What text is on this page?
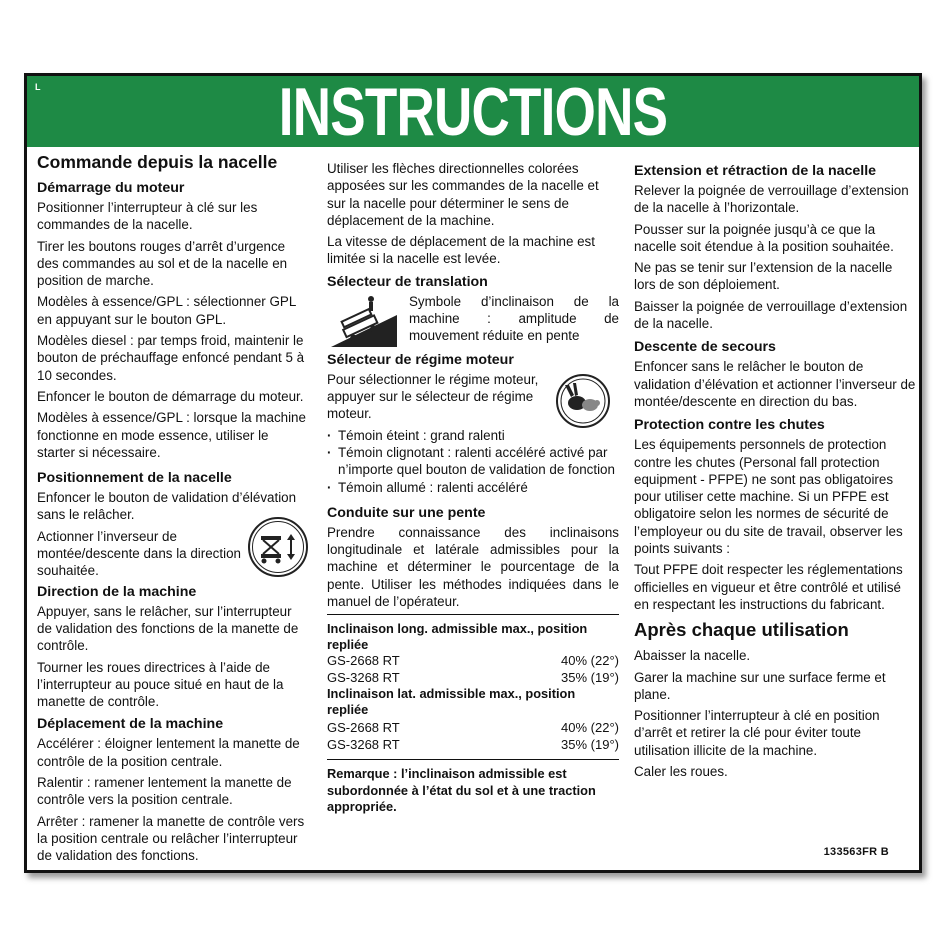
L	INSTRUCTIONS
Commande depuis la nacelle
Démarrage du moteur

Positionner l’interrupteur à clé sur les commandes de la nacelle.

Tirer les boutons rouges d’arrêt d’urgence des commandes au sol et de la nacelle en position de marche.

Modèles à essence/GPL : sélectionner GPL en appuyant sur le bouton GPL.

Modèles diesel : par temps froid, maintenir le bouton de préchauffage enfoncé pendant 5 à 10 secondes.

Enfoncer le bouton de démarrage du moteur.

Modèles à essence/GPL : lorsque la machine fonctionne en mode essence, utiliser le starter si nécessaire.

Positionnement de la nacelle

Enfoncer le bouton de validation d’élévation sans le relâcher.

Actionner l’inverseur de montée/descente dans la direction souhaitée.

Direction de la machine

Appuyer, sans le relâcher, sur l’interrupteur de validation des fonctions de la manette de contrôle.

Tourner les roues directrices à l’aide de l’interrupteur au pouce situé en haut de la manette de contrôle.

Déplacement de la machine

Accélérer : éloigner lentement la manette de contrôle de la position centrale.

Ralentir : ramener lentement la manette de contrôle vers la position centrale.

Arrêter : ramener la manette de contrôle vers la position centrale ou relâcher l’interrupteur de validation des fonctions.

Utiliser les flèches directionnelles colorées apposées sur les commandes de la nacelle et sur la nacelle pour déterminer le sens de déplacement de la machine.

La vitesse de déplacement de la machine est limitée si la nacelle est levée.

Sélecteur de translation

Symbole d’inclinaison de la machine : amplitude de mouvement réduite en pente

Sélecteur de régime moteur

Pour sélectionner le régime moteur, appuyer sur le sélecteur de régime moteur.

· Témoin éteint : grand ralenti
· Témoin clignotant : ralenti accéléré activé par n’importe quel bouton de validation de fonction
· Témoin allumé : ralenti accéléré
Conduite sur une pente

Prendre connaissance des inclinaisons longitudinale et latérale admissibles pour la machine et déterminer le pourcentage de la pente. Utiliser les méthodes indiquées dans le manuel de l’opérateur.

Inclinaison long. admissible max., position repliée
GS-2668 RT	40% (22°)
GS-3268 RT	35% (19°)
Inclinaison lat. admissible max., position repliée
GS-2668 RT	40% (22°)
GS-3268 RT	35% (19°)
Remarque : l’inclinaison admissible est subordonnée à l’état du sol et à une traction appropriée.
Extension et rétraction de la nacelle

Relever la poignée de verrouillage d’extension de la nacelle à l’horizontale.

Pousser sur la poignée jusqu’à ce que la nacelle soit étendue à la position souhaitée.

Ne pas se tenir sur l’extension de la nacelle lors de son déploiement.

Baisser la poignée de verrouillage d’extension de la nacelle.

Descente de secours

Enfoncer sans le relâcher le bouton de validation d’élévation et actionner l’inverseur de montée/descente en direction du bas.

Protection contre les chutes

Les équipements personnels de protection contre les chutes (Personal fall protection equipment - PFPE) ne sont pas obligatoires pour utiliser cette machine. Si un PFPE est obligatoire selon les normes de sécurité de l’employeur ou du site de travail, observer les points suivants :

Tout PFPE doit respecter les réglementations officielles en vigueur et être contrôlé et utilisé en respectant les instructions du fabricant.

Après chaque utilisation

Abaisser la nacelle.

Garer la machine sur une surface ferme et plane.

Positionner l’interrupteur à clé en position d’arrêt et retirer la clé pour éviter toute utilisation illicite de la machine.

Caler les roues.

133563FR B
